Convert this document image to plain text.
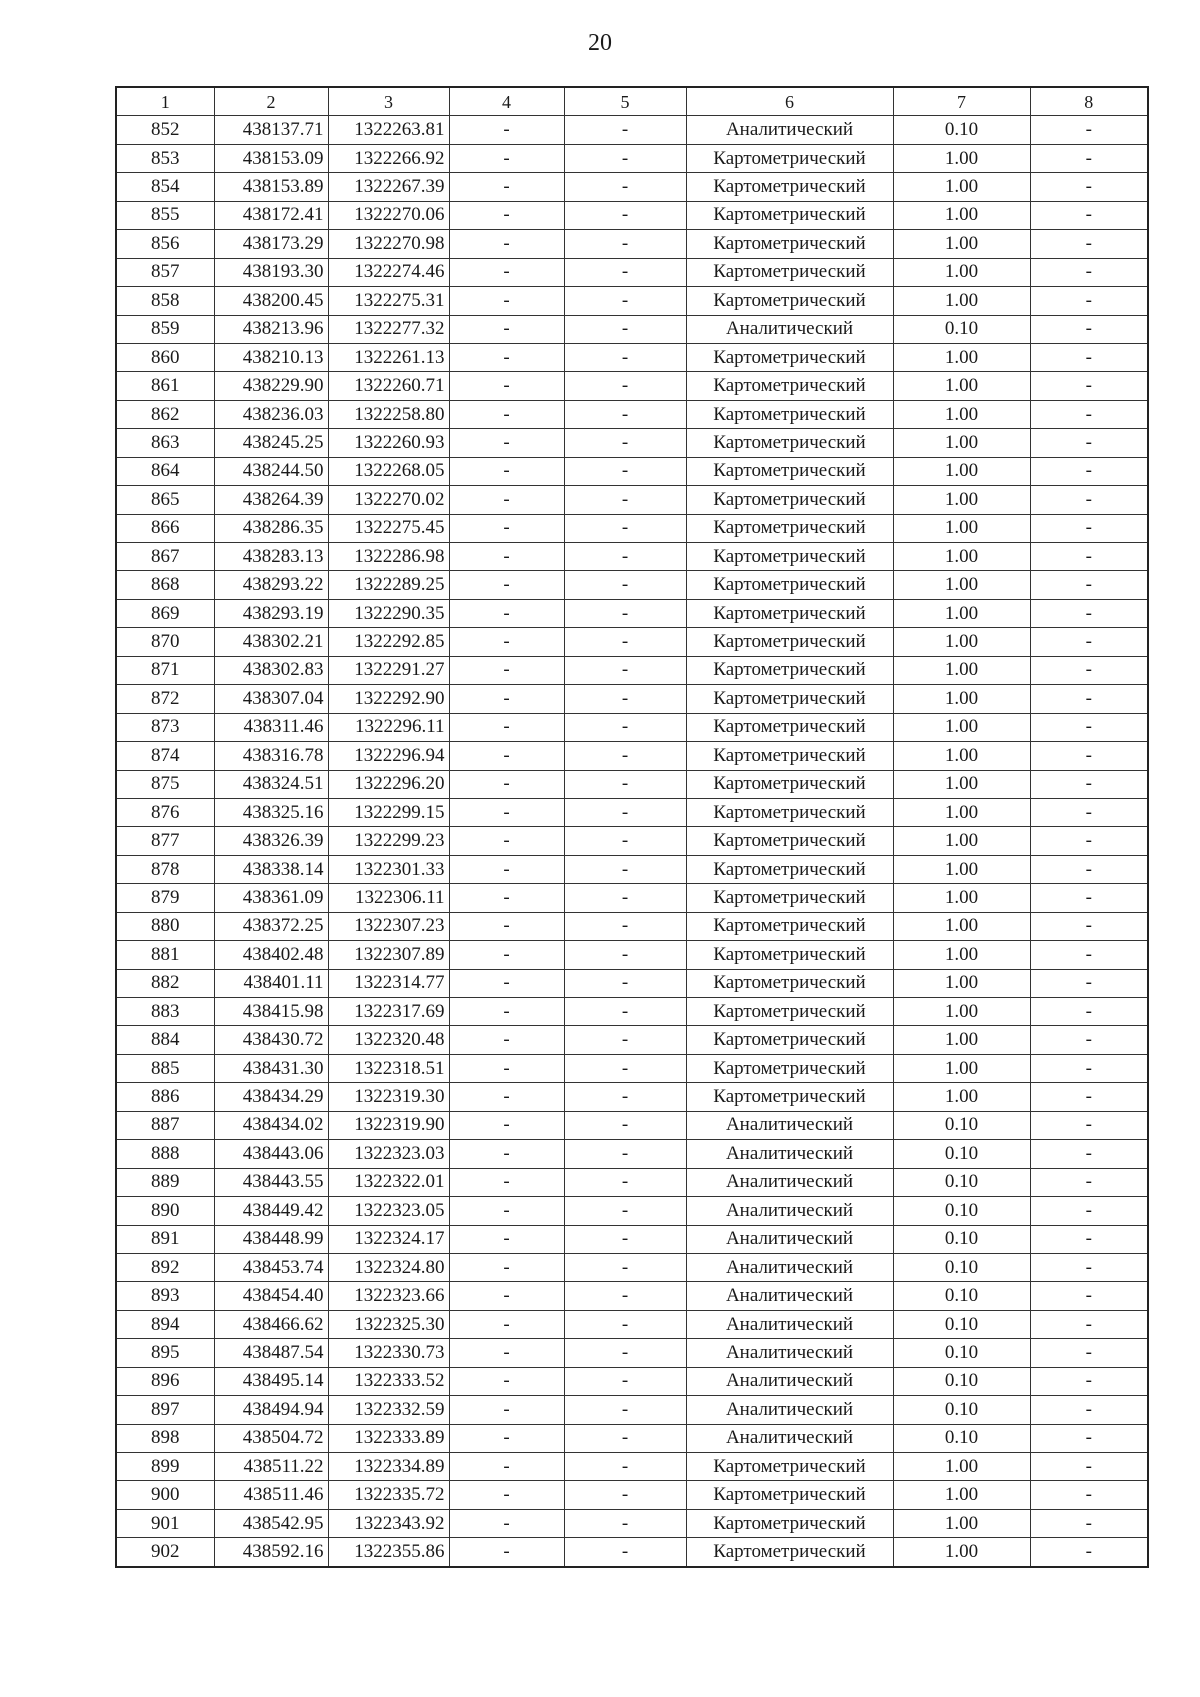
20
1	2	3	4	5	6	7	8
852	438137.71	1322263.81	-	-	Аналитический	0.10	-
853	438153.09	1322266.92	-	-	Картометрический	1.00	-
854	438153.89	1322267.39	-	-	Картометрический	1.00	-
855	438172.41	1322270.06	-	-	Картометрический	1.00	-
856	438173.29	1322270.98	-	-	Картометрический	1.00	-
857	438193.30	1322274.46	-	-	Картометрический	1.00	-
858	438200.45	1322275.31	-	-	Картометрический	1.00	-
859	438213.96	1322277.32	-	-	Аналитический	0.10	-
860	438210.13	1322261.13	-	-	Картометрический	1.00	-
861	438229.90	1322260.71	-	-	Картометрический	1.00	-
862	438236.03	1322258.80	-	-	Картометрический	1.00	-
863	438245.25	1322260.93	-	-	Картометрический	1.00	-
864	438244.50	1322268.05	-	-	Картометрический	1.00	-
865	438264.39	1322270.02	-	-	Картометрический	1.00	-
866	438286.35	1322275.45	-	-	Картометрический	1.00	-
867	438283.13	1322286.98	-	-	Картометрический	1.00	-
868	438293.22	1322289.25	-	-	Картометрический	1.00	-
869	438293.19	1322290.35	-	-	Картометрический	1.00	-
870	438302.21	1322292.85	-	-	Картометрический	1.00	-
871	438302.83	1322291.27	-	-	Картометрический	1.00	-
872	438307.04	1322292.90	-	-	Картометрический	1.00	-
873	438311.46	1322296.11	-	-	Картометрический	1.00	-
874	438316.78	1322296.94	-	-	Картометрический	1.00	-
875	438324.51	1322296.20	-	-	Картометрический	1.00	-
876	438325.16	1322299.15	-	-	Картометрический	1.00	-
877	438326.39	1322299.23	-	-	Картометрический	1.00	-
878	438338.14	1322301.33	-	-	Картометрический	1.00	-
879	438361.09	1322306.11	-	-	Картометрический	1.00	-
880	438372.25	1322307.23	-	-	Картометрический	1.00	-
881	438402.48	1322307.89	-	-	Картометрический	1.00	-
882	438401.11	1322314.77	-	-	Картометрический	1.00	-
883	438415.98	1322317.69	-	-	Картометрический	1.00	-
884	438430.72	1322320.48	-	-	Картометрический	1.00	-
885	438431.30	1322318.51	-	-	Картометрический	1.00	-
886	438434.29	1322319.30	-	-	Картометрический	1.00	-
887	438434.02	1322319.90	-	-	Аналитический	0.10	-
888	438443.06	1322323.03	-	-	Аналитический	0.10	-
889	438443.55	1322322.01	-	-	Аналитический	0.10	-
890	438449.42	1322323.05	-	-	Аналитический	0.10	-
891	438448.99	1322324.17	-	-	Аналитический	0.10	-
892	438453.74	1322324.80	-	-	Аналитический	0.10	-
893	438454.40	1322323.66	-	-	Аналитический	0.10	-
894	438466.62	1322325.30	-	-	Аналитический	0.10	-
895	438487.54	1322330.73	-	-	Аналитический	0.10	-
896	438495.14	1322333.52	-	-	Аналитический	0.10	-
897	438494.94	1322332.59	-	-	Аналитический	0.10	-
898	438504.72	1322333.89	-	-	Аналитический	0.10	-
899	438511.22	1322334.89	-	-	Картометрический	1.00	-
900	438511.46	1322335.72	-	-	Картометрический	1.00	-
901	438542.95	1322343.92	-	-	Картометрический	1.00	-
902	438592.16	1322355.86	-	-	Картометрический	1.00	-
